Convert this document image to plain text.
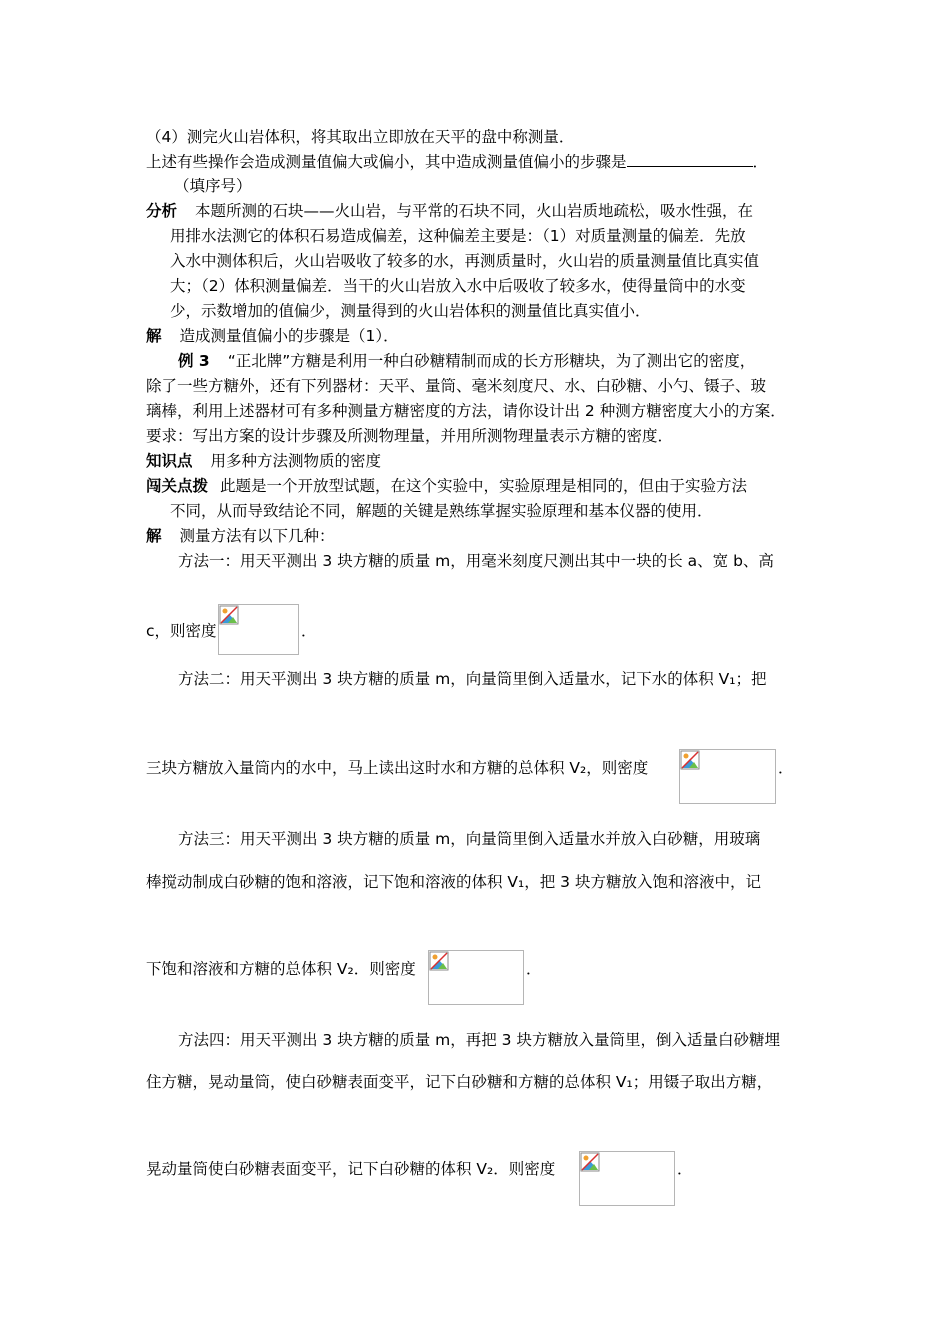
（4）测完火山岩体积，将其取出立即放在天平的盘中称测量．
上述有些操作会造成测量值偏大或偏小，其中造成测量值偏小的步骤是	．
（填序号）
分析 本题所测的石块——火山岩，与平常的石块不同，火山岩质地疏松，吸水性强，在
用排水法测它的体积石易造成偏差，这种偏差主要是：（1）对质量测量的偏差．先放
入水中测体积后，火山岩吸收了较多的水，再测质量时，火山岩的质量测量值比真实值
大；（2）体积测量偏差．当干的火山岩放入水中后吸收了较多水，使得量筒中的水变
少，示数增加的值偏少，测量得到的火山岩体积的测量值比真实值小．
解 造成测量值偏小的步骤是（1）．
例 3 “正北牌”方糖是利用一种白砂糖精制而成的长方形糖块，为了测出它的密度，
除了一些方糖外，还有下列器材：天平、量筒、毫米刻度尺、水、白砂糖、小勺、镊子、玻
璃棒，利用上述器材可有多种测量方糖密度的方法，请你设计出 2 种测方糖密度大小的方案．
要求：写出方案的设计步骤及所测物理量，并用所测物理量表示方糖的密度．
知识点 用多种方法测物质的密度
闯关点拨 此题是一个开放型试题，在这个实验中，实验原理是相同的，但由于实验方法
不同，从而导致结论不同，解题的关键是熟练掌握实验原理和基本仪器的使用．
解 测量方法有以下几种：
方法一：用天平测出 3 块方糖的质量 m，用毫米刻度尺测出其中一块的长 a、宽 b、高
c，则密度	．
方法二：用天平测出 3 块方糖的质量 m，向量筒里倒入适量水，记下水的体积 V₁；把
三块方糖放入量筒内的水中，马上读出这时水和方糖的总体积 V₂，则密度	．
方法三：用天平测出 3 块方糖的质量 m，向量筒里倒入适量水并放入白砂糖，用玻璃
棒搅动制成白砂糖的饱和溶液，记下饱和溶液的体积 V₁，把 3 块方糖放入饱和溶液中，记
下饱和溶液和方糖的总体积 V₂．则密度	．
方法四：用天平测出 3 块方糖的质量 m，再把 3 块方糖放入量筒里，倒入适量白砂糖埋
住方糖，晃动量筒，使白砂糖表面变平，记下白砂糖和方糖的总体积 V₁；用镊子取出方糖，
晃动量筒使白砂糖表面变平，记下白砂糖的体积 V₂．则密度	．
